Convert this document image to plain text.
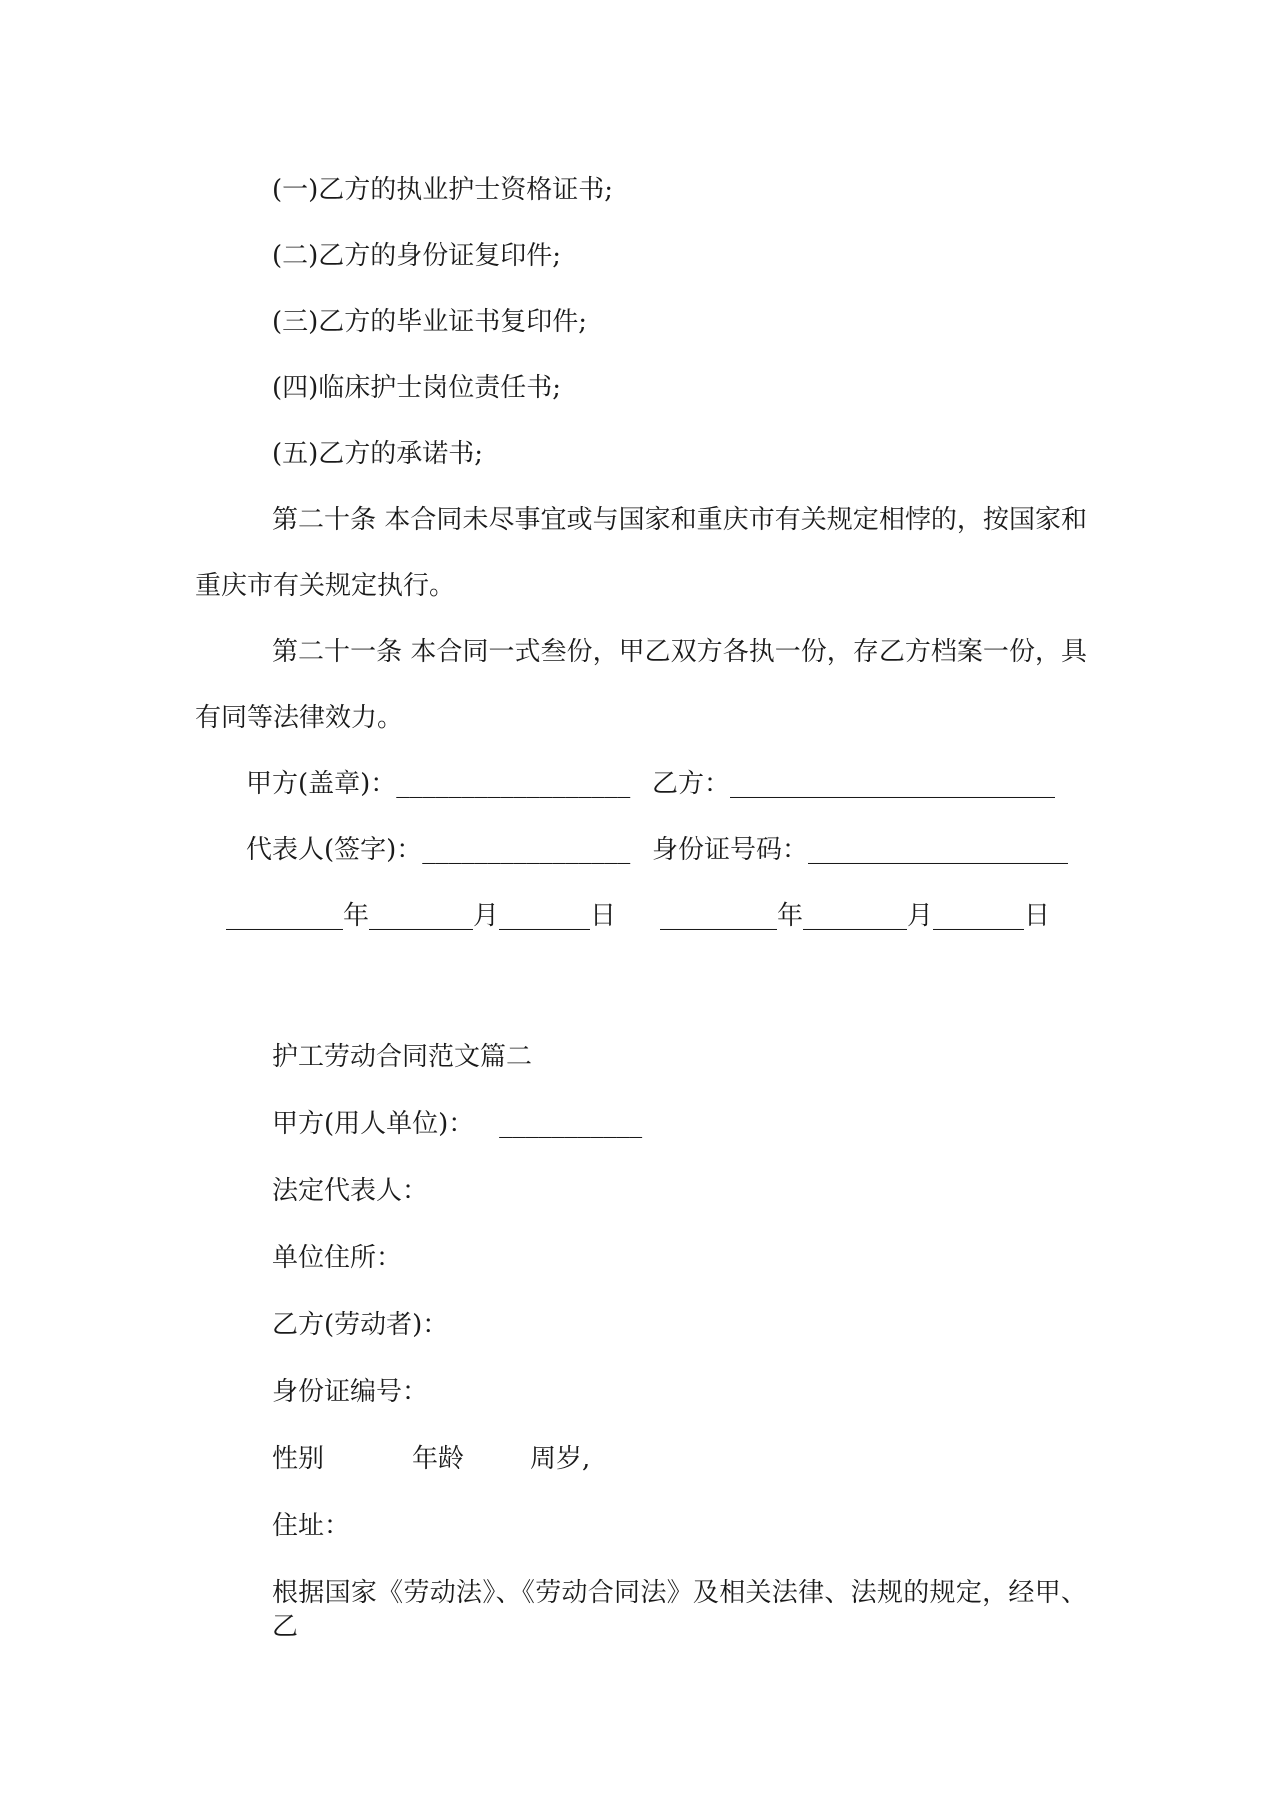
(一)乙方的执业护士资格证书;
(二)乙方的身份证复印件;
(三)乙方的毕业证书复印件;
(四)临床护士岗位责任书;
(五)乙方的承诺书;
第二十条 本合同未尽事宜或与国家和重庆市有关规定相悖的，按国家和
重庆市有关规定执行。
第二十一条 本合同一式叁份，甲乙双方各执一份，存乙方档案一份，具
有同等法律效力。
甲方(盖章)：__________________ 乙方：_________________________
代表人(签字)：________________ 身份证号码：____________________
_________年________月_______日 _________年________月_______日
护工劳动合同范文篇二
甲方(用人单位)：   ___________
法定代表人：
单位住所：
乙方(劳动者)：
身份证编号：
性别	年龄	周岁,
住址：
根据国家《劳动法》、《劳动合同法》及相关法律、法规的规定，经甲、乙
